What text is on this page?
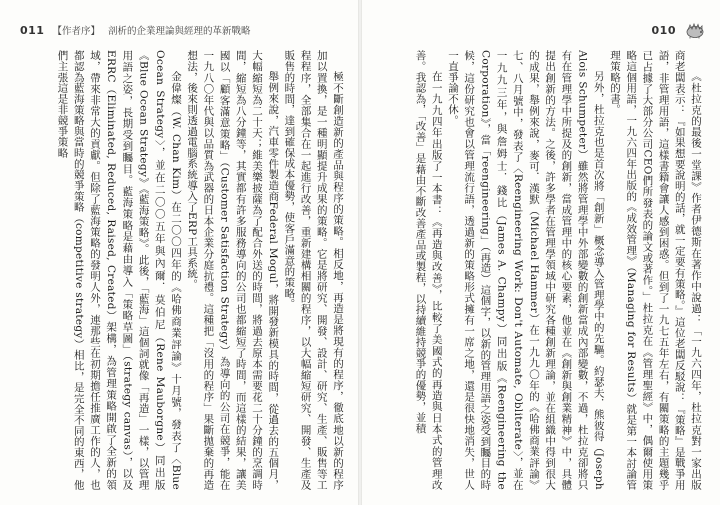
011 【作者序】 剖析的企業理論與經理的革新戰略

極不斷創造新的產品與程序的策略。相反地，再造是將現有的程序，徹底地以新的程序加以置換，是一種明顯提升成果的策略。它是將研究、開發、設計、研究、生產、販售等工程程序，全部集合在一起進行改善，重新建構相關的程序，以大幅縮短研究、開發、生產及販售的時間，達到確保成本優勢，使客戶滿意的策略。

舉例來說，汽車零件製造商Federal Mogul，將開發新模具的時間，從過去的五個月，大幅縮短為二十天；維美樂披薩為了配合外送的時間，將過去原本需要花二十分鐘的烹調時間，縮短為八分鐘等，其實都有許多服務導向的公司也都縮短了時間，而這樣的結果，讓美國以「顧客滿意策略」（Customer Satisfaction Strategy）為導向的公司在競爭，能在一九八〇年代與以品質為武器的日本企業分庭抗禮。這種把「沒用的程序」果斷拋棄的再造想法，後來則透過電腦系統導入了ERP工具系統。

金偉燦（W. Chan Kim）在二〇〇四年的《哈佛商業評論》十月號，發表了〈Blue Ocean Strategy〉，並在二〇〇五年與內爾．莫伯尼（Rene Mauborgne）同出版《Blue Ocean Strategy》《藍海策略》。此後，「藍海」這個詞就像「再造」一樣，以管理用語之姿，長期受到矚目。藍海策略是藉由導入「策略草圖」（strategy canvas），以及ERRC（Eliminated, Reduced, Raised, Created）架構，為管理策略開啟了全新的領域，帶來非常大的貢獻。但除了藍海策略的發明人外，連那些在初期擔任推廣工作的人，也都認為藍海策略與當時的競爭策略（competitive strategy）相比，是完全不同的東西，他們主張這是非競爭策略

010

《杜拉克的最後一堂課》作者伊德斯在著作中說過：「一九六四年，杜拉克對一家出版商老闆表示：『如果想要說明的話，就一定要有策略。』這位老闆反駁說：『策略』是戰爭用語，非管理用語，這樣書籍會讓人感到困惑。但到了一九七五年左右，有關策略的主題幾乎已占據了大部分公司CEO們所發表的論文或著作。」杜拉克在《管理聖經》中，偶爾使用策略這個用語，一九六四年出版的《成效管理》（Managing for Results）就是第一本討論管理策略的書。

另外，杜拉克也是首次將「創新」概念導入管理學中的先驅。約瑟夫．熊彼得（Joseph Alois Schumpeter）雖然將管理學中外部變數的創新當成內部變數，不過，杜拉克卻將只有在管理學中所提及的創新，當成管理中的核心要素，他並在《創新與創業精神》中，具體提出創新的方法。之後，許多學者在管理學領域中研究各種創新理論，並在組織中得到很大的成果，舉例來說，麥可．漢默（Michael Hammer）在一九九〇年的《哈佛商業評論》七、八月號中，發表了〈Reengineering Work: Don't Automate, Obliterate〉，並在一九九三年，與詹姆士．錢比（James A. Champy）同出版《Reengineering the Corporation》，當「reengineering」（再造）這個字，以新的管理用語之姿受到矚目的時候，這份研究也會以管理流行語，透過新的策略形式擁有一席之地，還是很快地消失，世人一直爭論不休。

在一九九四年出版了一本書：《再造與改善》，比較了美國式的再造與日本式的管理改善。我認為，「改善」是藉由不斷改善產品或製程，以持續維持競爭的優勢，並積
